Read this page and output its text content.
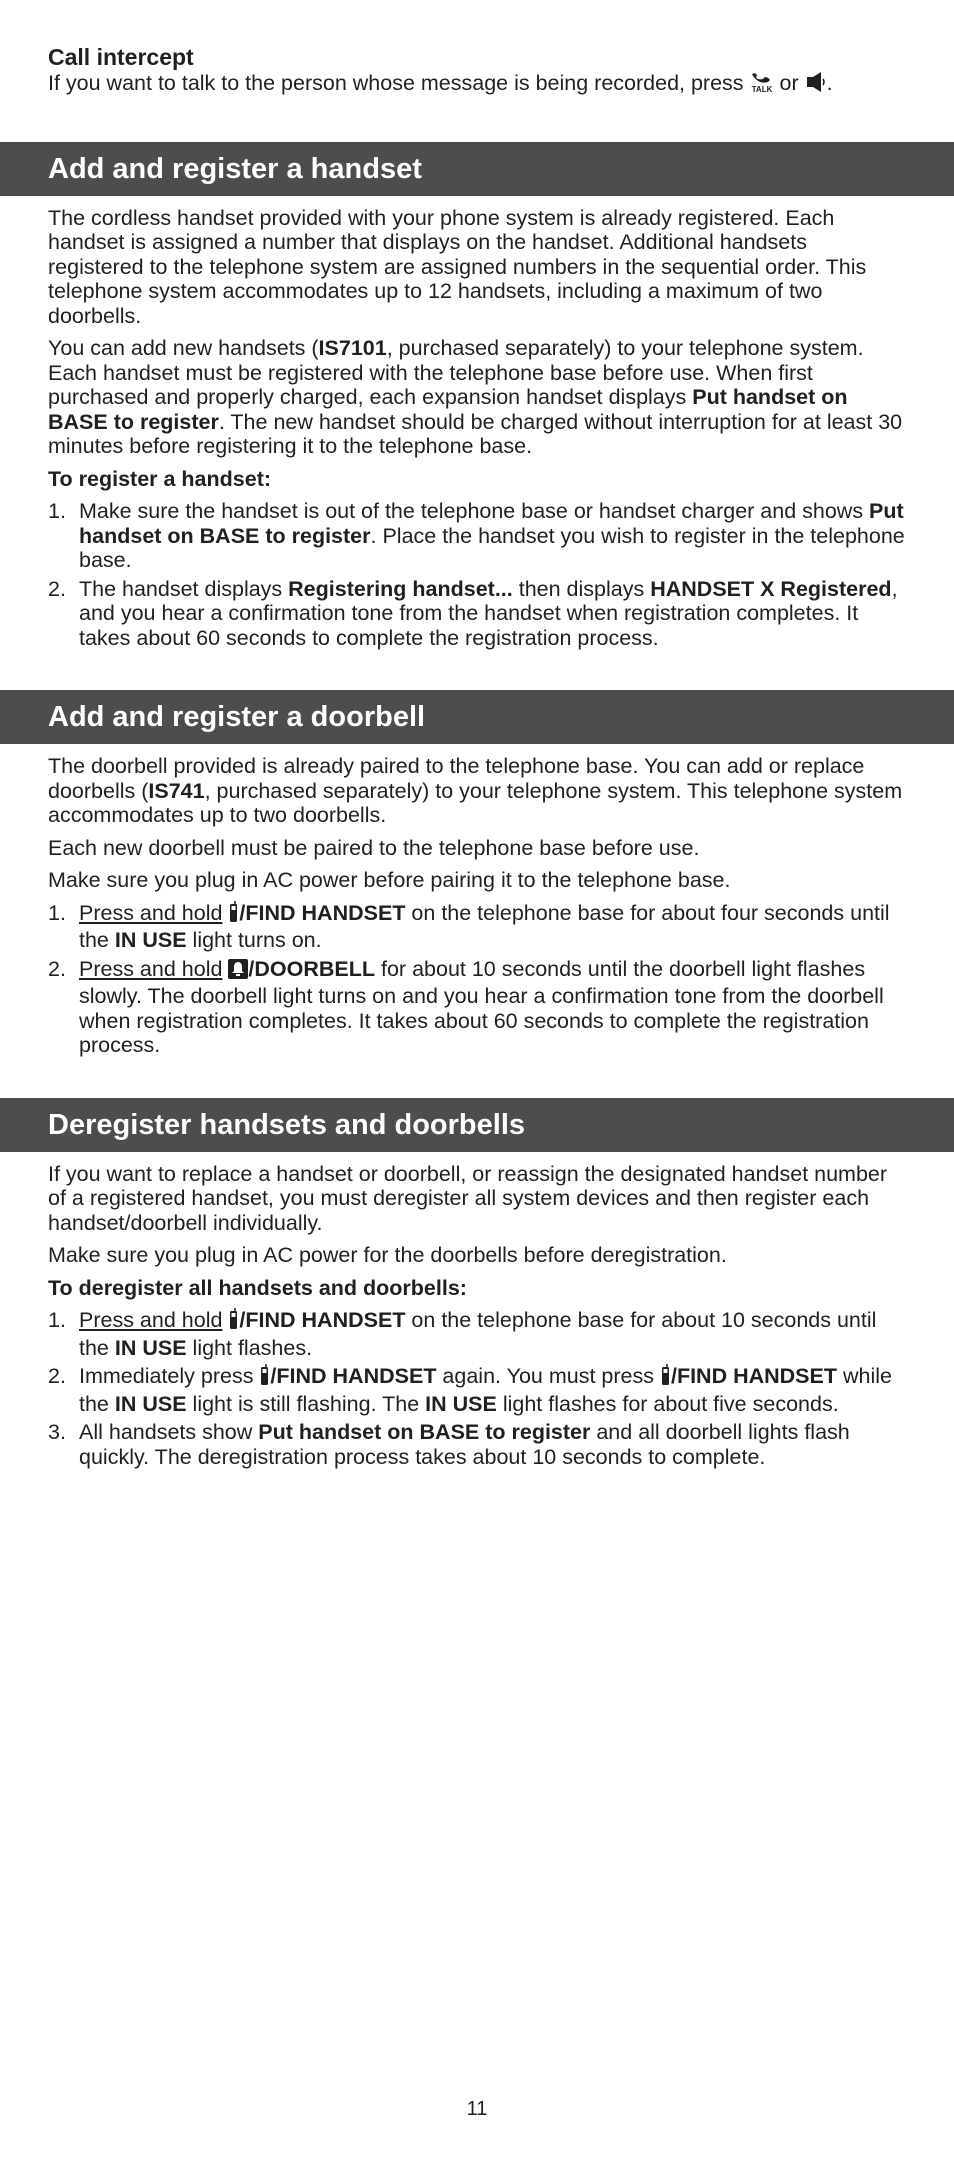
Call intercept

If you want to talk to the person whose message is being recorded, press TALK or .

Add and register a handset

The cordless handset provided with your phone system is already registered. Each handset is assigned a number that displays on the handset. Additional handsets registered to the telephone system are assigned numbers in the sequential order. This telephone system accommodates up to 12 handsets, including a maximum of two doorbells.

You can add new handsets (IS7101, purchased separately) to your telephone system. Each handset must be registered with the telephone base before use. When first purchased and properly charged, each expansion handset displays Put handset on BASE to register. The new handset should be charged without interruption for at least 30 minutes before registering it to the telephone base.

To register a handset:

1. Make sure the handset is out of the telephone base or handset charger and shows Put handset on BASE to register. Place the handset you wish to register in the telephone base.
2. The handset displays Registering handset... then displays HANDSET X Registered, and you hear a confirmation tone from the handset when registration completes. It takes about 60 seconds to complete the registration process.
Add and register a doorbell

The doorbell provided is already paired to the telephone base. You can add or replace doorbells (IS741, purchased separately) to your telephone system. This telephone system accommodates up to two doorbells.

Each new doorbell must be paired to the telephone base before use.

Make sure you plug in AC power before pairing it to the telephone base.

1. Press and hold /FIND HANDSET on the telephone base for about four seconds until the IN USE light turns on.
2. Press and hold /DOORBELL for about 10 seconds until the doorbell light flashes slowly. The doorbell light turns on and you hear a confirmation tone from the doorbell when registration completes. It takes about 60 seconds to complete the registration process.
Deregister handsets and doorbells

If you want to replace a handset or doorbell, or reassign the designated handset number of a registered handset, you must deregister all system devices and then register each handset/doorbell individually.

Make sure you plug in AC power for the doorbells before deregistration.

To deregister all handsets and doorbells:

1. Press and hold /FIND HANDSET on the telephone base for about 10 seconds until the IN USE light flashes.
2. Immediately press /FIND HANDSET again. You must press /FIND HANDSET while the IN USE light is still flashing. The IN USE light flashes for about five seconds.
3. All handsets show Put handset on BASE to register and all doorbell lights flash quickly. The deregistration process takes about 10 seconds to complete.
11
